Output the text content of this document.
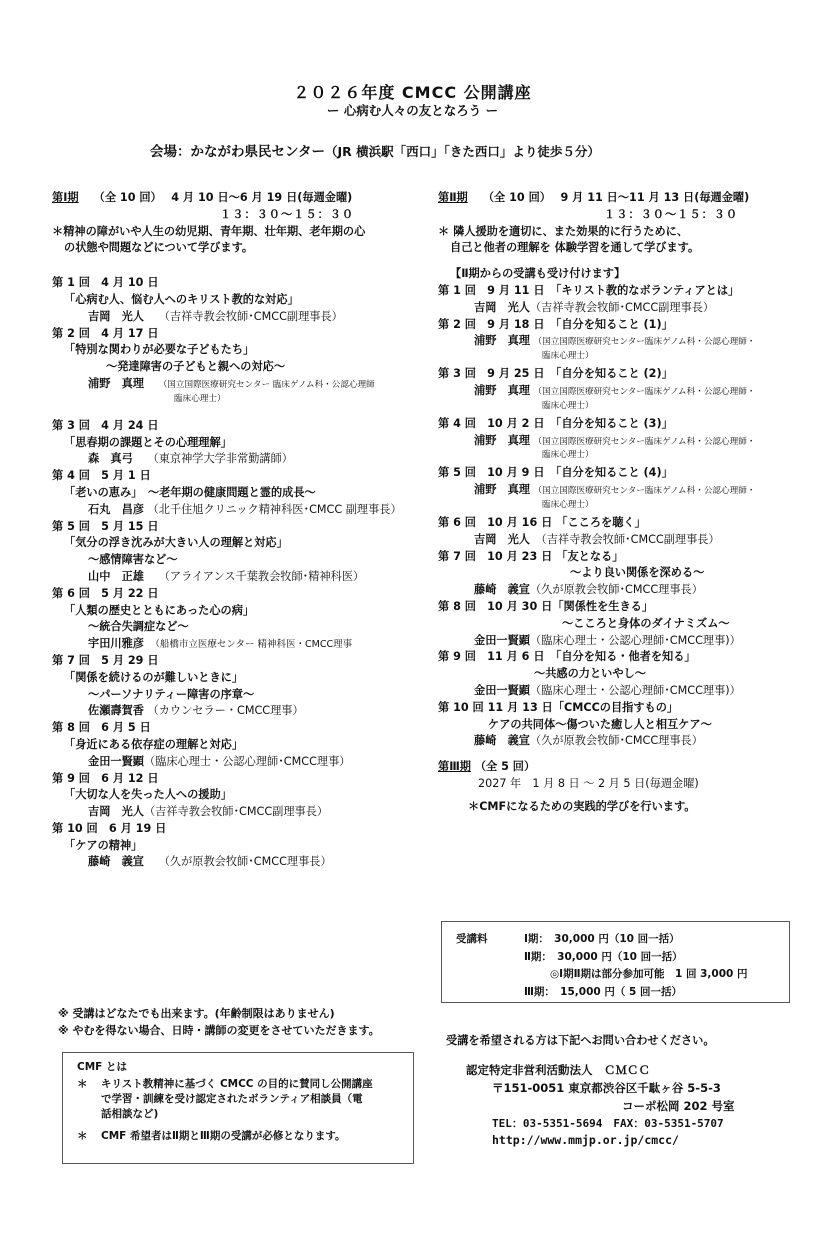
２０２６年度 CMCC 公開講座
ー 心病む人々の友となろう ー
会場：かながわ県民センター（JR 横浜駅「西口」「きた西口」より徒歩５分）
第Ⅰ期　 （全 10 回）　 4 月 10 日～6 月 19 日(毎週金曜)
１３：３０～１５：３０
＊精神の障がいや人生の幼児期、青年期、壮年期、老年期の心
の状態や問題などについて学びます。
第 1 回　4 月 10 日
「心病む人、悩む人へのキリスト教的な対応」
吉岡　光人　 （吉祥寺教会牧師･CMCC副理事長）
第 2 回　4 月 17 日
「特別な関わりが必要な子どもたち」
～発達障害の子どもと親への対応～
浦野　真理　 （国立国際医療研究センター 臨床ゲノム科・公認心理師
臨床心理士）
第 3 回　4 月 24 日
「思春期の課題とその心理理解」
森　真弓　 （東京神学大学非常勤講師）
第 4 回　5 月 1 日
「老いの恵み」　～老年期の健康問題と霊的成長～
石丸　昌彦 （北千住旭クリニック精神科医･CMCC 副理事長）
第 5 回　5 月 15 日
「気分の浮き沈みが大きい人の理解と対応」
～感情障害など～
山中　正雄　 （アライアンス千葉教会牧師･精神科医）
第 6 回　5 月 22 日
「人類の歴史とともにあった心の病」
～統合失調症など～
宇田川雅彦　 （船橋市立医療センター 精神科医・CMCC理事
第 7 回　5 月 29 日
「関係を続けるのが難しいときに」
～パーソナリティー障害の序章～
佐瀬壽賀香 （カウンセラー・CMCC理事）
第 8 回　6 月 5 日
「身近にある依存症の理解と対応」
金田一賢顕（臨床心理士・公認心理師･CMCC理事）
第 9 回　6 月 12 日
「大切な人を失った人への援助」
吉岡　光人（吉祥寺教会牧師･CMCC副理事長）
第 10 回　6 月 19 日
「ケアの精神」
藤崎　義宣　 （久が原教会牧師･CMCC理事長）
第Ⅱ期　 （全 10 回）　 9 月 11 日～11 月 13 日(毎週金曜)
１３：３０～１５：３０
＊ 隣人援助を適切に、また効果的に行うために、
自己と他者の理解を 体験学習を通して学びます。
【Ⅱ期からの受講も受け付けます】
第 1 回　9 月 11 日　 「キリスト教的なボランティアとは」
吉岡　光人（吉祥寺教会牧師･CMCC副理事長）
第 2 回　9 月 18 日　 「自分を知ること (1)」
浦野　真理 （国立国際医療研究センター臨床ゲノム科・公認心理師・
臨床心理士）
第 3 回　9 月 25 日　 「自分を知ること (2)」
浦野　真理 （国立国際医療研究センター臨床ゲノム科・公認心理師・
臨床心理士）
第 4 回　10 月 2 日　 「自分を知ること (3)」
浦野　真理 （国立国際医療研究センター臨床ゲノム科・公認心理師・
臨床心理士）
第 5 回　10 月 9 日　 「自分を知ること (4)」
浦野　真理 （国立国際医療研究センター臨床ゲノム科・公認心理師・
臨床心理士）
第 6 回　10 月 16 日 「こころを聴く」
吉岡　光人　 （吉祥寺教会牧師･CMCC副理事長）
第 7 回　10 月 23 日 「友となる」
～より良い関係を深める～
藤崎　義宣（久が原教会牧師･CMCC理事長）
第 8 回　10 月 30 日「関係性を生きる」
～こころと身体のダイナミズム～
金田一賢顕（臨床心理士・公認心理師･CMCC理事)）
第 9 回　11 月 6 日　 「自分を知る・他者を知る」
～共感の力といやし～
金田一賢顕（臨床心理士・公認心理師･CMCC理事)）
第 10 回 11 月 13 日「CMCCの目指すもの」
ケアの共同体～傷ついた癒し人と相互ケア～
藤崎　義宣（久が原教会牧師･CMCC理事長）
第Ⅲ期 （全 5 回）
2027 年　1 月 8 日 ～ 2 月 5 日(毎週金曜)
＊CMFになるための実践的学びを行います。
受講料	Ⅰ期：　30,000 円（10 回一括）
Ⅱ期：　30,000 円（10 回一括）
◎Ⅰ期Ⅱ期は部分参加可能　1 回 3,000 円
Ⅲ期：　15,000 円（ 5 回一括）
※ 受講はどなたでも出来ます。(年齢制限はありません)
※ やむを得ない場合、日時・講師の変更をさせていただきます。
CMF とは
＊ キリスト教精神に基づく CMCC の目的に賛同し公開講座
で学習・訓練を受け認定されたボランティア相談員（電
話相談など)
＊ CMF 希望者はⅡ期とⅢ期の受講が必修となります。
受講を希望される方は下記へお問い合わせください。
認定特定非営利活動法人　ＣＭＣＣ
〒151-0051 東京都渋谷区千駄ヶ谷 5-5-3
コーポ松岡 202 号室
TEL：03-5351-5694　FAX：03-5351-5707
http://www.mmjp.or.jp/cmcc/
